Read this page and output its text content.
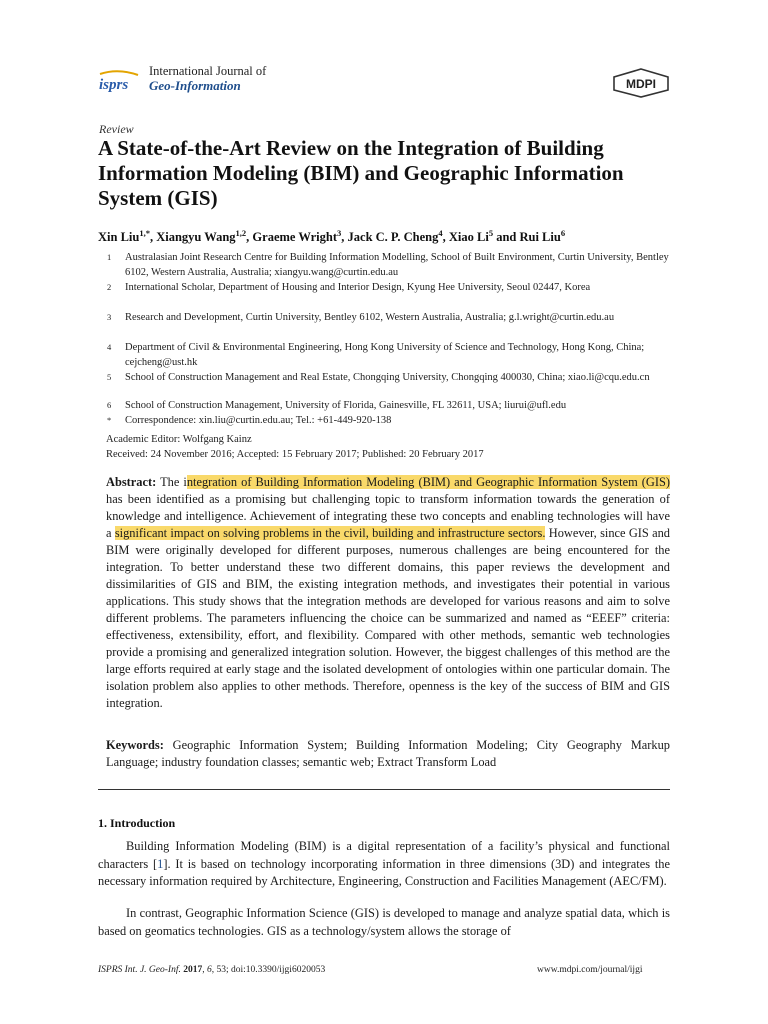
isprs
International Journal of
Geo-Information	MDPI
Review
A State-of-the-Art Review on the Integration of Building Information Modeling (BIM) and Geographic Information System (GIS)
Xin Liu$^{1,*}$, Xiangyu Wang$^{1,2}$, Graeme Wright$^3$, Jack C. P. Cheng$^4$, Xiao Li$^5$ and Rui Liu$^6$
1 Australasian Joint Research Centre for Building Information Modelling, School of Built Environment, Curtin University, Bentley 6102, Western Australia, Australia; xiangyu.wang@curtin.edu.au
2 International Scholar, Department of Housing and Interior Design, Kyung Hee University, Seoul 02447, Korea
3 Research and Development, Curtin University, Bentley 6102, Western Australia, Australia; g.l.wright@curtin.edu.au
4 Department of Civil & Environmental Engineering, Hong Kong University of Science and Technology, Hong Kong, China; cejcheng@ust.hk
5 School of Construction Management and Real Estate, Chongqing University, Chongqing 400030, China; xiao.li@cqu.edu.cn
6 School of Construction Management, University of Florida, Gainesville, FL 32611, USA; liurui@ufl.edu
* Correspondence: xin.liu@curtin.edu.au; Tel.: +61-449-920-138
Academic Editor: Wolfgang Kainz
Received: 24 November 2016; Accepted: 15 February 2017; Published: 20 February 2017

Abstract: The integration of Building Information Modeling (BIM) and Geographic Information System (GIS) has been identified as a promising but challenging topic to transform information towards the generation of knowledge and intelligence. Achievement of integrating these two concepts and enabling technologies will have a significant impact on solving problems in the civil, building and infrastructure sectors. However, since GIS and BIM were originally developed for different purposes, numerous challenges are being encountered for the integration. To better understand these two different domains, this paper reviews the development and dissimilarities of GIS and BIM, the existing integration methods, and investigates their potential in various applications. This study shows that the integration methods are developed for various reasons and aim to solve different problems. The parameters influencing the choice can be summarized and named as “EEEF” criteria: effectiveness, extensibility, effort, and flexibility. Compared with other methods, semantic web technologies provide a promising and generalized integration solution. However, the biggest challenges of this method are the large efforts required at early stage and the isolated development of ontologies within one particular domain. The isolation problem also applies to other methods. Therefore, openness is the key of the success of BIM and GIS integration.

Keywords: Geographic Information System; Building Information Modeling; City Geography Markup Language; industry foundation classes; semantic web; Extract Transform Load

1. Introduction

Building Information Modeling (BIM) is a digital representation of a facility’s physical and functional characters [1]. It is based on technology incorporating information in three dimensions (3D) and integrates the necessary information required by Architecture, Engineering, Construction and Facilities Management (AEC/FM).

In contrast, Geographic Information Science (GIS) is developed to manage and analyze spatial data, which is based on geomatics technologies. GIS as a technology/system allows the storage of

ISPRS Int. J. Geo-Inf. 2017, 6, 53; doi:10.3390/ijgi6020053	www.mdpi.com/journal/ijgi
